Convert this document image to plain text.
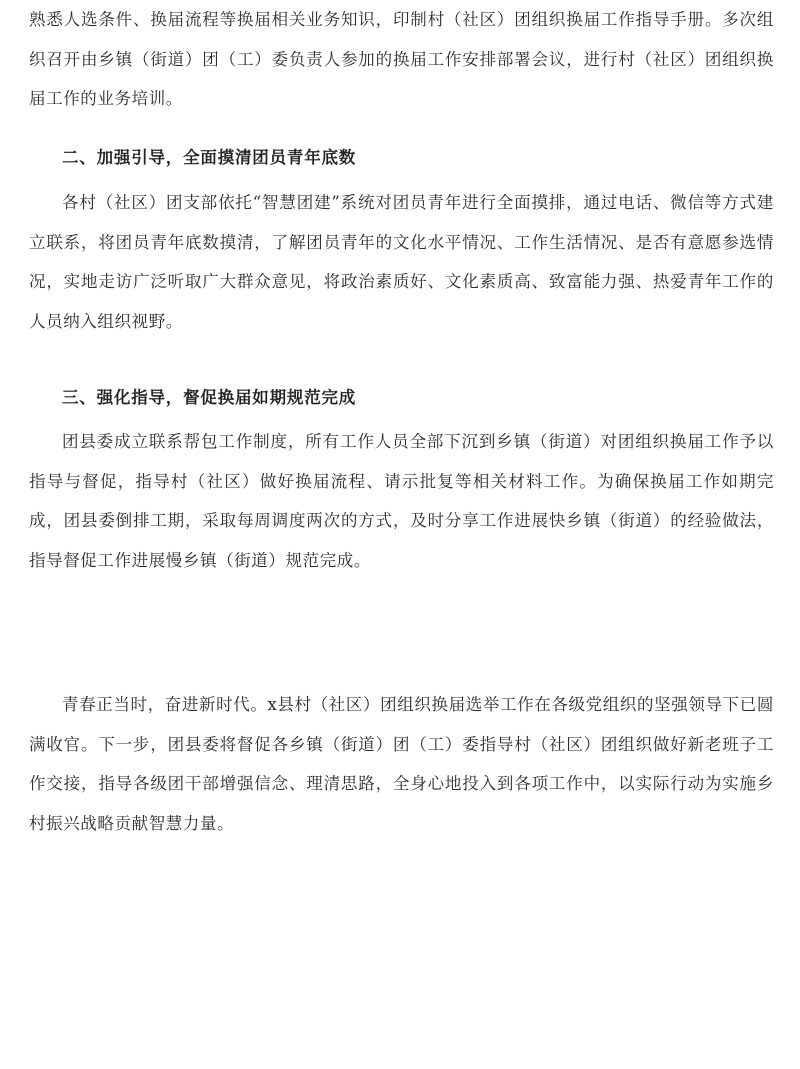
熟悉人选条件、换届流程等换届相关业务知识，印制村（社区）团组织换届工作指导手册。多次组织召开由乡镇（街道）团（工）委负责人参加的换届工作安排部署会议，进行村（社区）团组织换届工作的业务培训。

二、加强引导，全面摸清团员青年底数

各村（社区）团支部依托“智慧团建”系统对团员青年进行全面摸排，通过电话、微信等方式建立联系，将团员青年底数摸清，了解团员青年的文化水平情况、工作生活情况、是否有意愿参选情况，实地走访广泛听取广大群众意见，将政治素质好、文化素质高、致富能力强、热爱青年工作的人员纳入组织视野。

三、强化指导，督促换届如期规范完成

团县委成立联系帮包工作制度，所有工作人员全部下沉到乡镇（街道）对团组织换届工作予以指导与督促，指导村（社区）做好换届流程、请示批复等相关材料工作。为确保换届工作如期完成，团县委倒排工期，采取每周调度两次的方式，及时分享工作进展快乡镇（街道）的经验做法，指导督促工作进展慢乡镇（街道）规范完成。

青春正当时，奋进新时代。x县村（社区）团组织换届选举工作在各级党组织的坚强领导下已圆满收官。下一步，团县委将督促各乡镇（街道）团（工）委指导村（社区）团组织做好新老班子工作交接，指导各级团干部增强信念、理清思路，全身心地投入到各项工作中，以实际行动为实施乡村振兴战略贡献智慧力量。
